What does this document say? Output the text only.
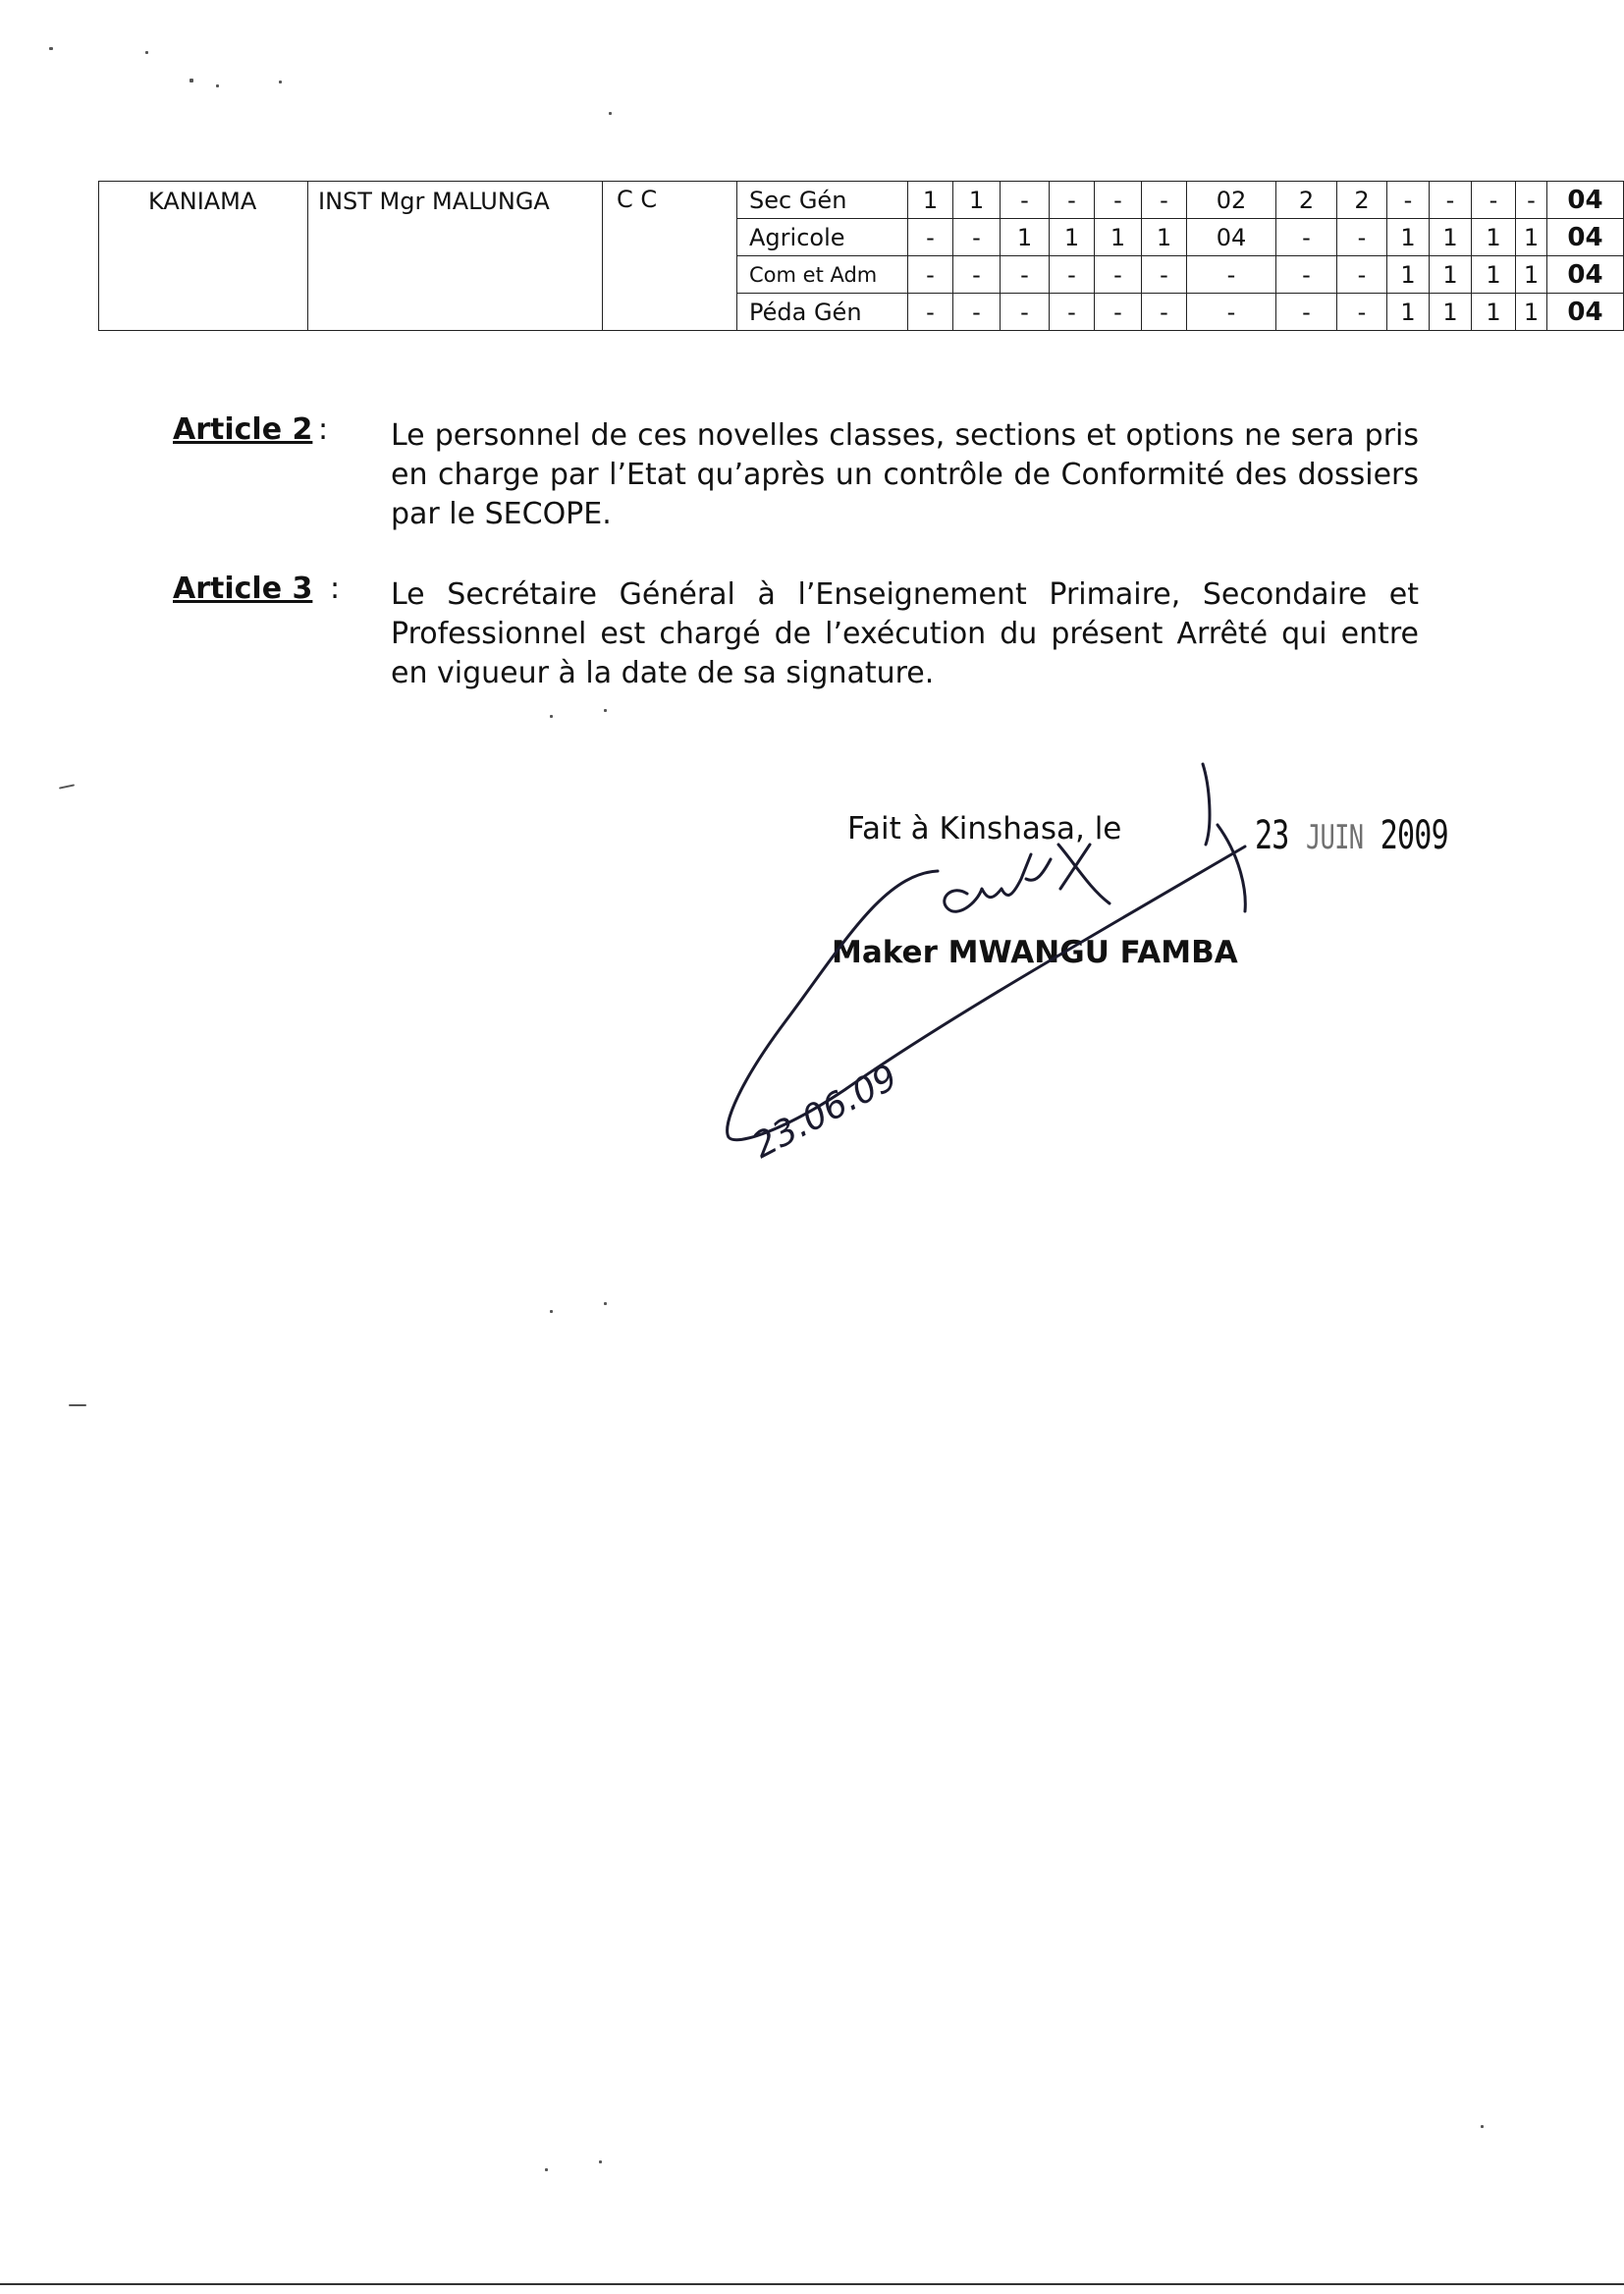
KANIAMA	INST Mgr MALUNGA	C C	Sec Gén	1	1	-	-	-	-	02	2	2	-	-	-	-	04
			Agricole	-	-	1	1	1	1	04	-	-	1	1	1	1	04
			Com et Adm	-	-	-	-	-	-	-	-	-	1	1	1	1	04
			Péda Gén	-	-	-	-	-	-	-	-	-	1	1	1	1	04
Article 2 : Le personnel de ces novelles classes, sections et options ne sera pris en charge par l’Etat qu’après un contrôle de Conformité des dossiers par le SECOPE.
Article 3 : Le Secrétaire Général à l’Enseignement Primaire, Secondaire et Professionnel est chargé de l’exécution du présent Arrêté qui entre en vigueur à la date de sa signature.
Fait à Kinshasa, le	23 JUIN 2009
Maker MWANGU FAMBA
23.06.09
